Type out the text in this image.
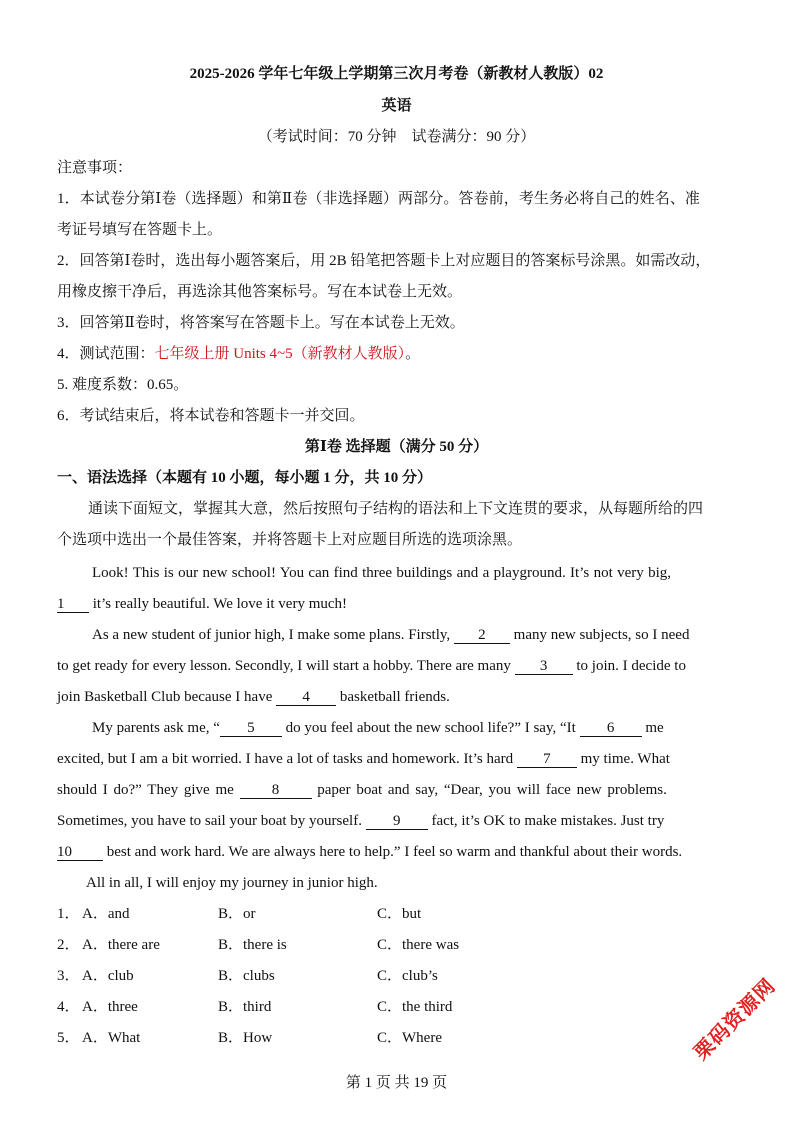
2025-2026 学年七年级上学期第三次月考卷（新教材人教版）02
英语
（考试时间：70 分钟　试卷满分：90 分）
注意事项：
1．本试卷分第Ⅰ卷（选择题）和第Ⅱ卷（非选择题）两部分。答卷前，考生务必将自己的姓名、准
考证号填写在答题卡上。
2．回答第Ⅰ卷时，选出每小题答案后，用 2B 铅笔把答题卡上对应题目的答案标号涂黑。如需改动，
用橡皮擦干净后，再选涂其他答案标号。写在本试卷上无效。
3．回答第Ⅱ卷时，将答案写在答题卡上。写在本试卷上无效。
4．测试范围：七年级上册 Units 4~5（新教材人教版）。
5. 难度系数：0.65。
6．考试结束后，将本试卷和答题卡一并交回。
第Ⅰ卷 选择题（满分 50 分）
一、语法选择（本题有 10 小题，每小题 1 分，共 10 分）
通读下面短文，掌握其大意，然后按照句子结构的语法和上下文连贯的要求，从每题所给的四
个选项中选出一个最佳答案，并将答题卡上对应题目所选的选项涂黑。
Look! This is our new school! You can find three buildings and a playground. It’s not very big,
1 it’s really beautiful. We love it very much!
As a new student of junior high, I make some plans. Firstly, 2 many new subjects, so I need
to get ready for every lesson. Secondly, I will start a hobby. There are many 3 to join. I decide to
join Basketball Club because I have 4 basketball friends.
My parents ask me, “ 5 do you feel about the new school life?” I say, “It 6 me
excited, but I am a bit worried. I have a lot of tasks and homework. It’s hard 7 my time. What
should I do?” They give me 8 paper boat and say, “Dear, you will face new problems.
Sometimes, you have to sail your boat by yourself. 9 fact, it’s OK to make mistakes. Just try
10 best and work hard. We are always here to help.” I feel so warm and thankful about their words.
All in all, I will enjoy my journey in junior high.
1． A．and	B．or	C．but
2． A．there are	B．there is	C．there was
3． A．club	B．clubs	C．club’s
4． A．three	B．third	C．the third
5． A．What	B．How	C．Where
第 1 页 共 19 页
栗码资源网
